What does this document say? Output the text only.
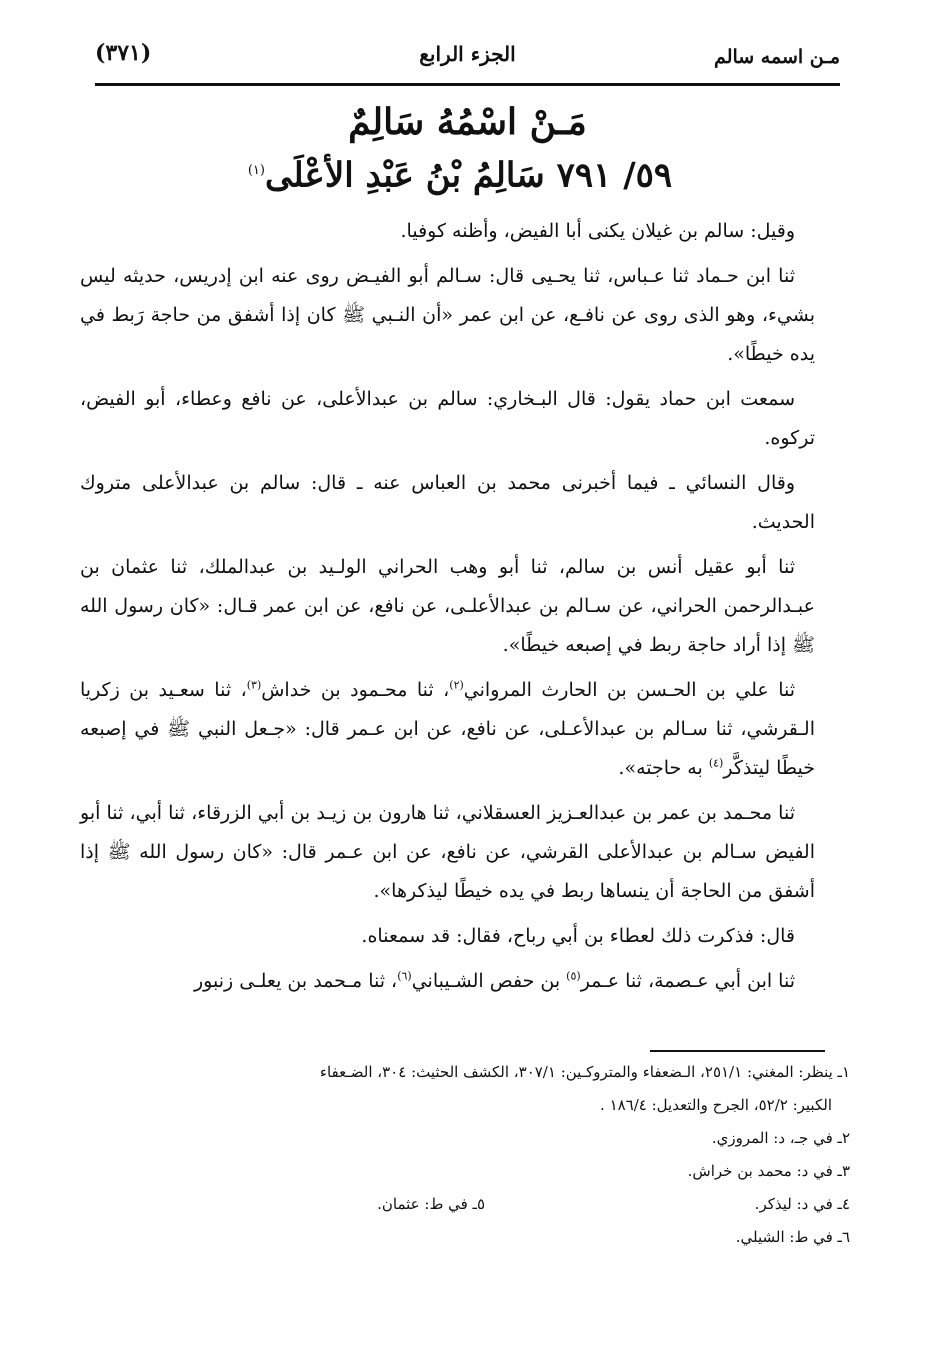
مـن اسمه سالم
الجزء الرابع
(٣٧١)
مَـنْ اسْمُهُ سَالِمٌ
٥٩/ ٧٩١ سَالِمُ بْنُ عَبْدِ الأعْلَى$^{(١)}$

وقيل: سالم بن غيلان يكنى أبا الفيض، وأظنه كوفيا.

ثنا ابن حـماد ثنا عـباس، ثنا يحـيى قال: سـالم أبو الفيـض روى عنه ابن إدريس، حديثه ليس بشيء، وهو الذى روى عن نافـع، عن ابن عمر «أن النـبي ﷺ كان إذا أشفق من حاجة رَبط في يده خيطًا».

سمعت ابن حماد يقول: قال البـخاري: سالم بن عبدالأعلى، عن نافع وعطاء، أبو الفيض، تركوه.

وقال النسائي ـ فيما أخبرنى محمد بن العباس عنه ـ قال: سالم بن عبدالأعلى متروك الحديث.

ثنا أبو عقيل أنس بن سالم، ثنا أبو وهب الحراني الولـيد بن عبدالملك، ثنا عثمان بن عبـدالرحمن الحراني، عن سـالم بن عبدالأعلـى، عن نافع، عن ابن عمر قـال: «كان رسول الله ﷺ إذا أراد حاجة ربط في إصبعه خيطًا».

ثنا علي بن الحـسن بن الحارث المرواني$^{(٢)}$، ثنا محـمود بن خداش$^{(٣)}$، ثنا سعـيد بن زكريا الـقرشي، ثنا سـالم بن عبدالأعـلى، عن نافع، عن ابن عـمر قال: «جـعل النبي ﷺ في إصبعه خيطًا ليتذكَّر$^{(٤)}$ به حاجته».

ثنا محـمد بن عمر بن عبدالعـزيز العسقلاني، ثنا هارون بن زيـد بن أبي الزرقاء، ثنا أبي، ثنا أبو الفيض سـالم بن عبدالأعلى القرشي، عن نافع، عن ابن عـمر قال: «كان رسول الله ﷺ إذا أشفق من الحاجة أن ينساها ربط في يده خيطًا ليذكرها».

قال: فذكرت ذلك لعطاء بن أبي رباح، فقال: قد سمعناه.

ثنا ابن أبي عـصمة، ثنا عـمر$^{(٥)}$ بن حفص الشـيباني$^{(٦)}$، ثنا مـحمد بن يعلـى زنبور

١ـ ينظر: المغني: ٢٥١/١، الـضعفاء والمتروكـين: ٣٠٧/١، الكشف الحثيث: ٣٠٤، الضـعفاء
الكبير: ٥٢/٢، الجرح والتعديل: ١٨٦/٤ .
٢ـ في جـ، د: المروزي.
٣ـ في د: محمد بن خراش.
٤ـ في د: ليذكر.
٥ـ في ط: عثمان.
٦ـ في ط: الشيلي.
